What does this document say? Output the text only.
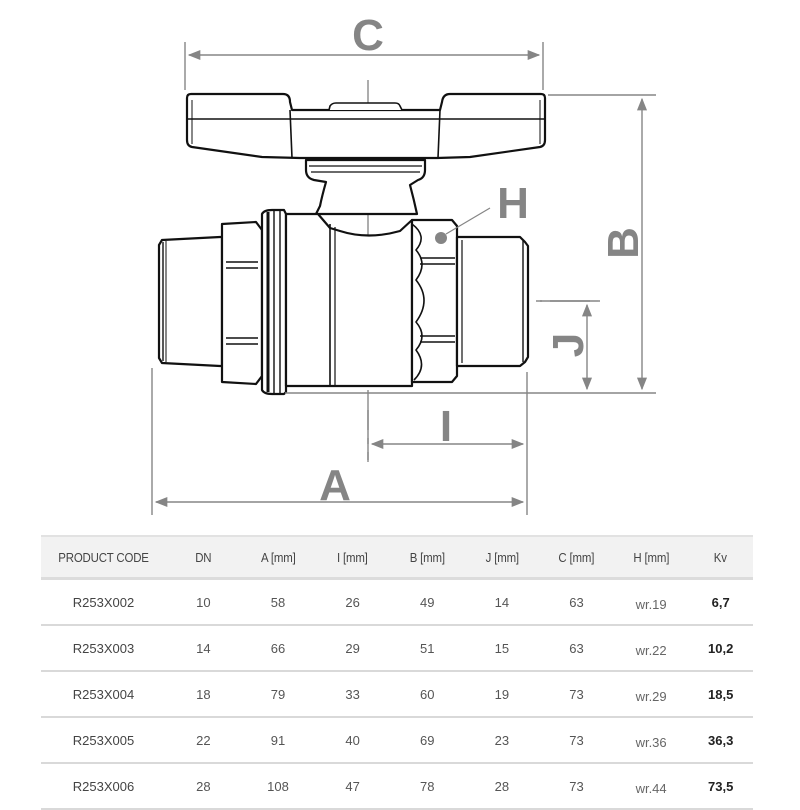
C
H
B
J
I
A
PRODUCT CODE	DN	A [mm]	I [mm]	B [mm]	J [mm]	C [mm]	H [mm]	Kv
R253X002	10	58	26	49	14	63	wr.19	6,7
R253X003	14	66	29	51	15	63	wr.22	10,2
R253X004	18	79	33	60	19	73	wr.29	18,5
R253X005	22	91	40	69	23	73	wr.36	36,3
R253X006	28	108	47	78	28	73	wr.44	73,5
